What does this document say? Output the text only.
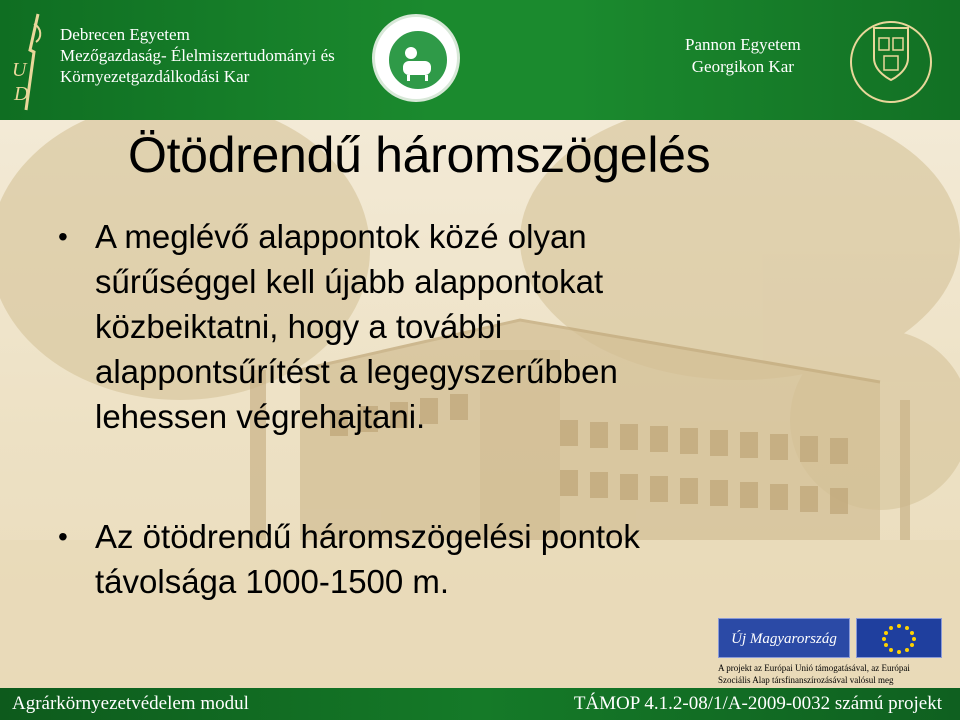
U
D
Debrecen Egyetem
Mezőgazdaság- Élelmiszertudományi és
Környezetgazdálkodási Kar
Pannon Egyetem
Georgikon Kar
Ötödrendű háromszögelés
• A meglévő alappontok közé olyan
sűrűséggel kell újabb alappontokat
közbeiktatni, hogy a további
alappontsűrítést a legegyszerűbben
lehessen végrehajtani.
• Az ötödrendű háromszögelési pontok
távolsága 1000-1500 m.
Új Magyarország
A projekt az Európai Unió támogatásával, az Európai
Szociális Alap társfinanszírozásával valósul meg
Agrárkörnyezetvédelem modul	TÁMOP 4.1.2-08/1/A-2009-0032 számú projekt
